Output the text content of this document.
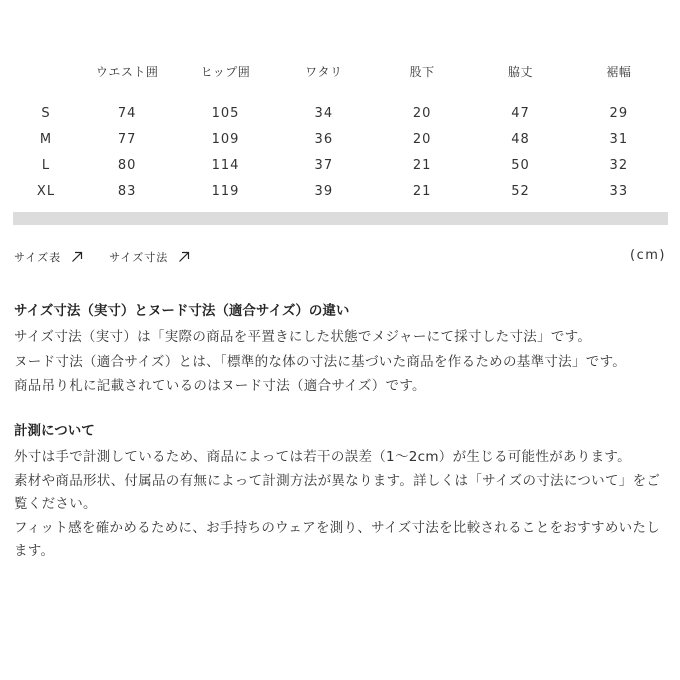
	ウエスト囲	ヒップ囲	ワタリ	股下	脇丈	裾幅

S	74	105	34	20	47	29
M	77	109	36	20	48	31
L	80	114	37	21	50	32
XL	83	119	39	21	52	33
サイズ表	サイズ寸法	(cm)
サイズ寸法（実寸）とヌード寸法（適合サイズ）の違い

サイズ寸法（実寸）は「実際の商品を平置きにした状態でメジャーにて採寸した寸法」です。

ヌード寸法（適合サイズ）とは、「標準的な体の寸法に基づいた商品を作るための基準寸法」です。

商品吊り札に記載されているのはヌード寸法（適合サイズ）です。

計測について

外寸は手で計測しているため、商品によっては若干の誤差（1〜2cm）が生じる可能性があります。

素材や商品形状、付属品の有無によって計測方法が異なります。詳しくは「サイズの寸法について」をご覧ください。

フィット感を確かめるために、お手持ちのウェアを測り、サイズ寸法を比較されることをおすすめいたします。
